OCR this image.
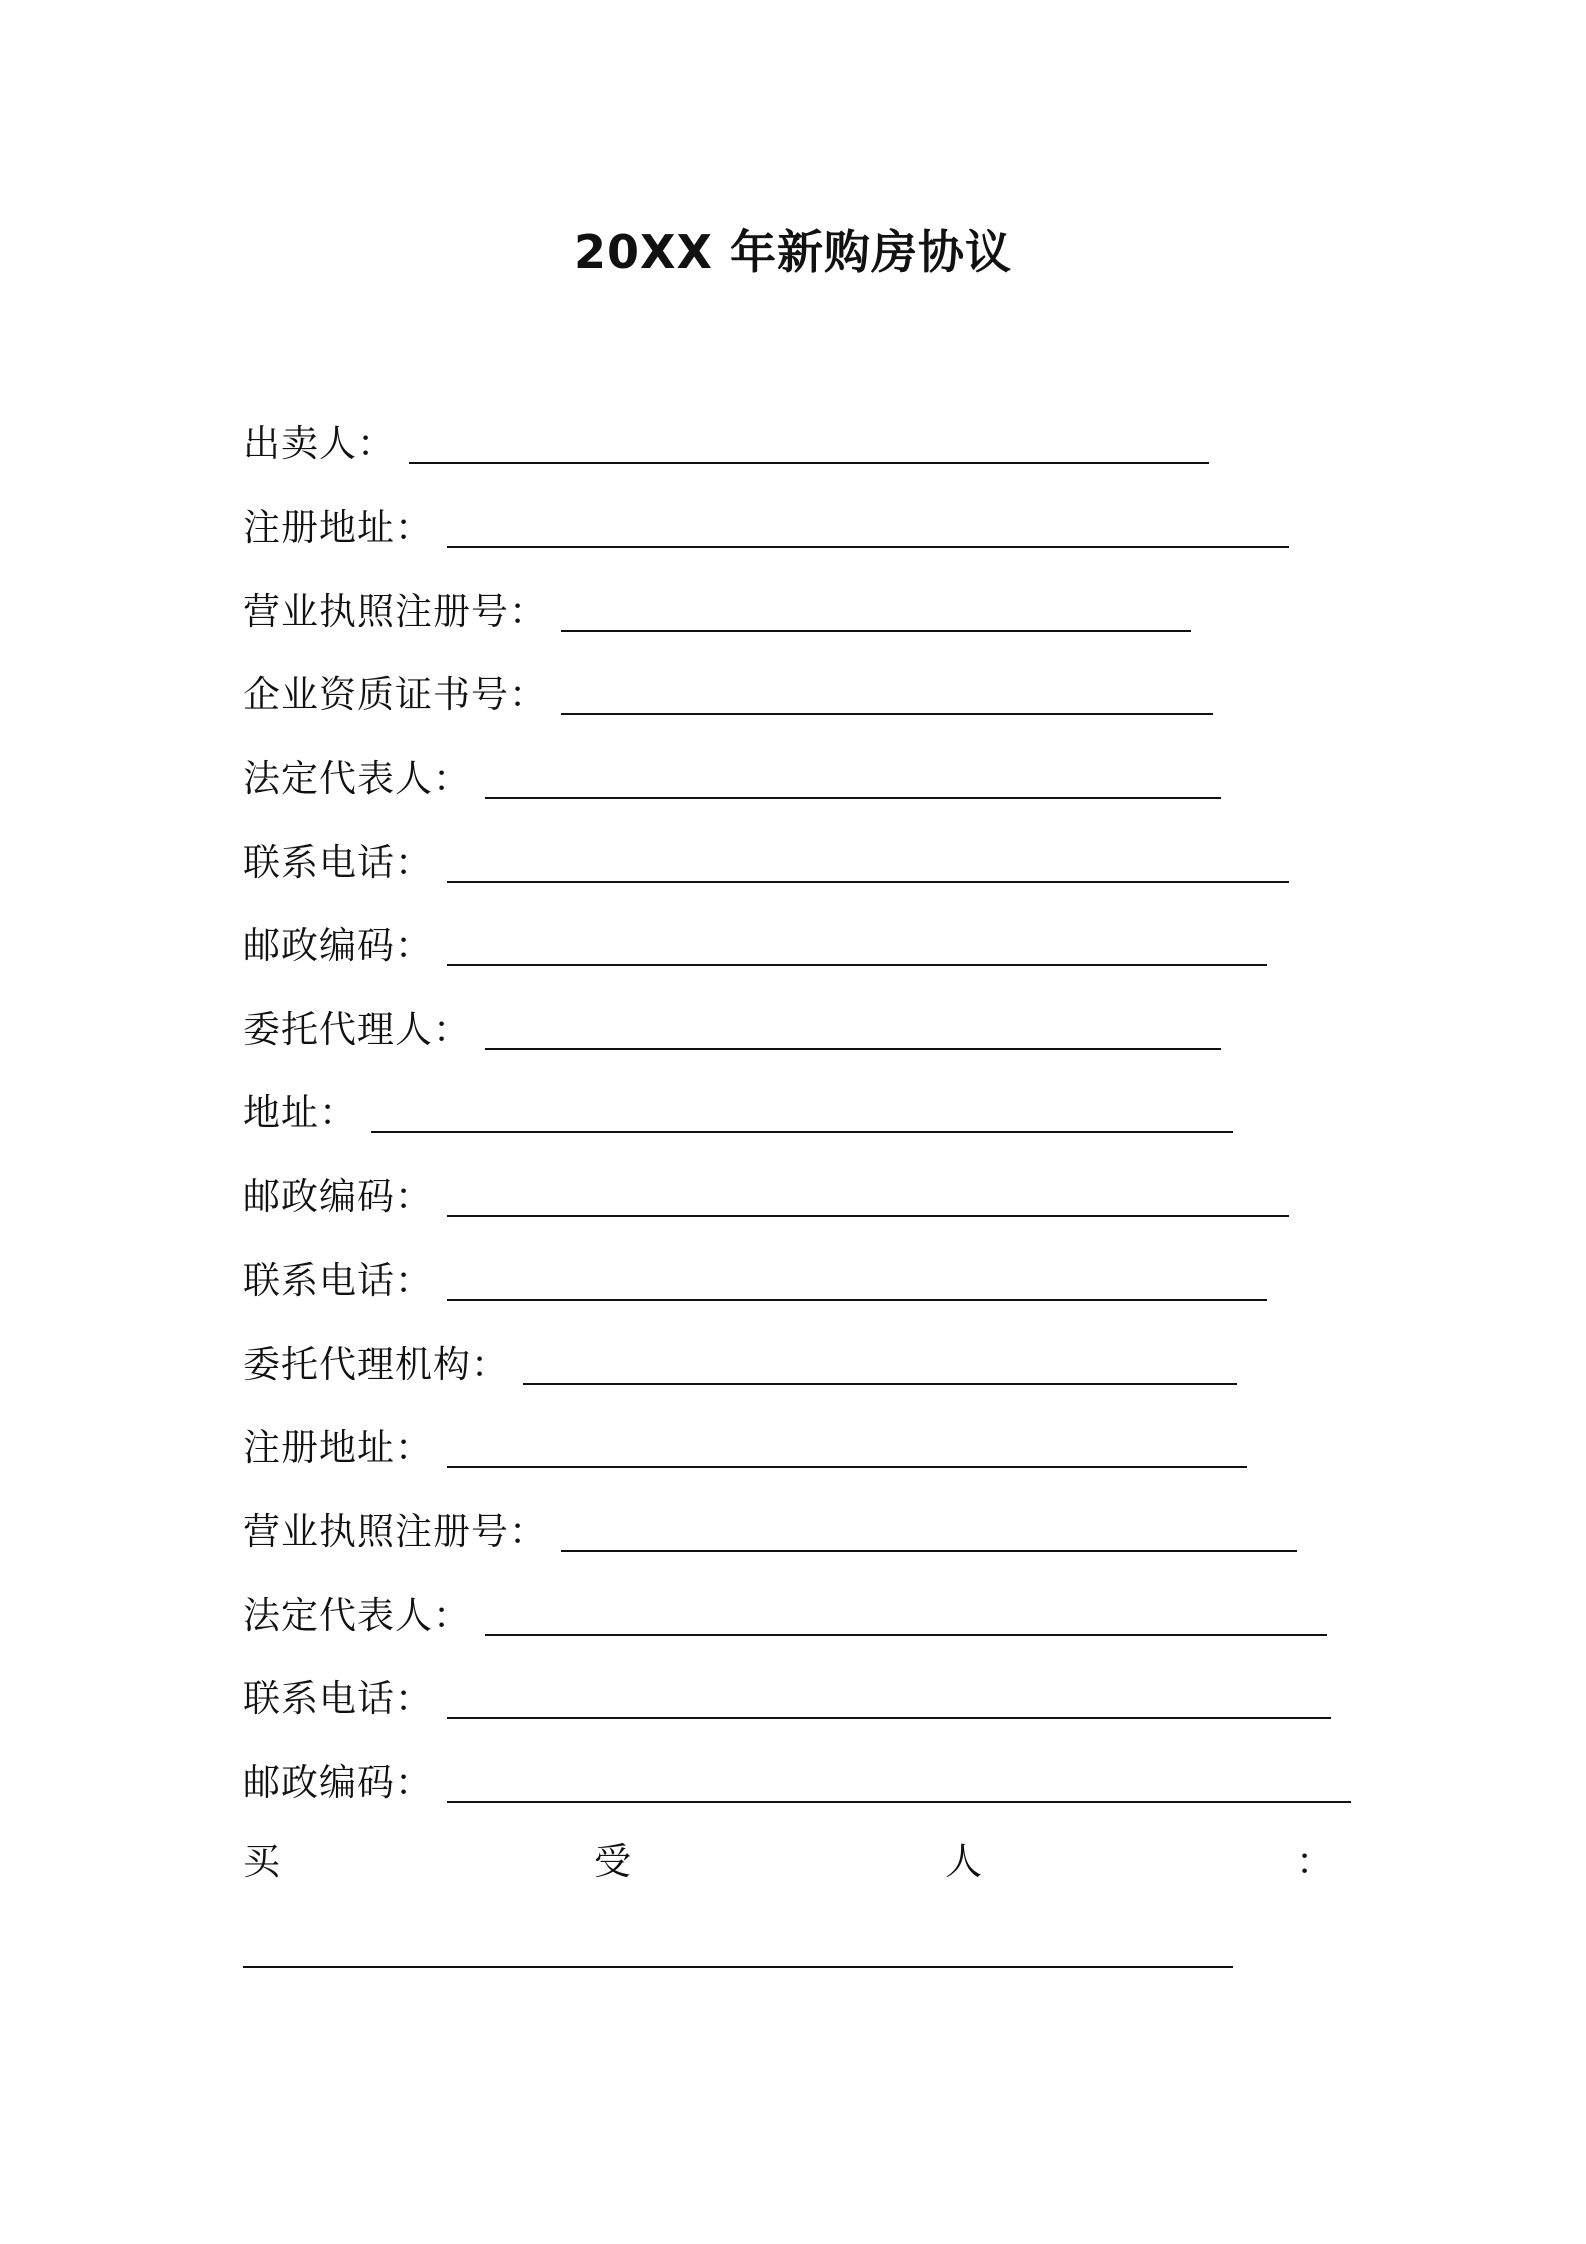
20XX 年新购房协议
出卖人：
注册地址：
营业执照注册号：
企业资质证书号：
法定代表人：
联系电话：
邮政编码：
委托代理人：
地址：
邮政编码：
联系电话：
委托代理机构：
注册地址：
营业执照注册号：
法定代表人：
联系电话：
邮政编码：
买	受	人	：
